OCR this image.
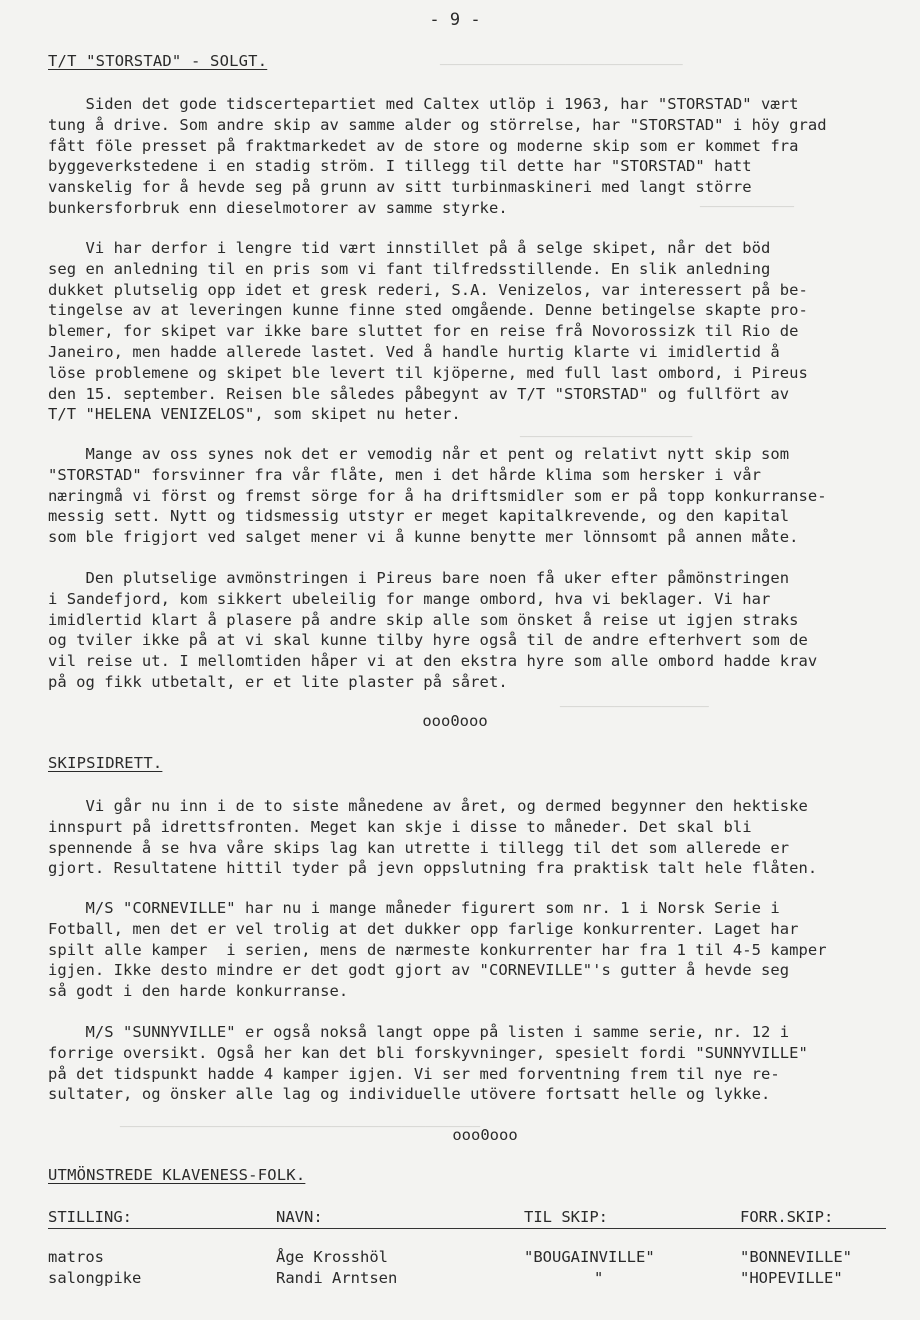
───────────────────────────────
────────────
──────────────────────
───────────────────
──────────────────────────────────────────────
- 9 -
T/T "STORSTAD" - SOLGT.
Siden det gode tidscertepartiet med Caltex utlöp i 1963, har "STORSTAD" vært
tung å drive. Som andre skip av samme alder og störrelse, har "STORSTAD" i höy grad
fått föle presset på fraktmarkedet av de store og moderne skip som er kommet fra
byggeverkstedene i en stadig ström. I tillegg til dette har "STORSTAD" hatt
vanskelig for å hevde seg på grunn av sitt turbinmaskineri med langt större
bunkersforbruk enn dieselmotorer av samme styrke.
Vi har derfor i lengre tid vært innstillet på å selge skipet, når det böd
seg en anledning til en pris som vi fant tilfredsstillende. En slik anledning
dukket plutselig opp idet et gresk rederi, S.A. Venizelos, var interessert på be-
tingelse av at leveringen kunne finne sted omgående. Denne betingelse skapte pro-
blemer, for skipet var ikke bare sluttet for en reise frå Novorossizk til Rio de
Janeiro, men hadde allerede lastet. Ved å handle hurtig klarte vi imidlertid å
löse problemene og skipet ble levert til kjöperne, med full last ombord, i Pireus
den 15. september. Reisen ble således påbegynt av T/T "STORSTAD" og fullfört av
T/T "HELENA VENIZELOS", som skipet nu heter.
Mange av oss synes nok det er vemodig når et pent og relativt nytt skip som
"STORSTAD" forsvinner fra vår flåte, men i det hårde klima som hersker i vår
næringmå vi först og fremst sörge for å ha driftsmidler som er på topp konkurranse-
messig sett. Nytt og tidsmessig utstyr er meget kapitalkrevende, og den kapital
som ble frigjort ved salget mener vi å kunne benytte mer lönnsomt på annen måte.
Den plutselige avmönstringen i Pireus bare noen få uker efter påmönstringen
i Sandefjord, kom sikkert ubeleilig for mange ombord, hva vi beklager. Vi har
imidlertid klart å plasere på andre skip alle som önsket å reise ut igjen straks
og tviler ikke på at vi skal kunne tilby hyre også til de andre efterhvert som de
vil reise ut. I mellomtiden håper vi at den ekstra hyre som alle ombord hadde krav
på og fikk utbetalt, er et lite plaster på såret.
ooo0ooo
SKIPSIDRETT.
Vi går nu inn i de to siste månedene av året, og dermed begynner den hektiske
innspurt på idrettsfronten. Meget kan skje i disse to måneder. Det skal bli
spennende å se hva våre skips lag kan utrette i tillegg til det som allerede er
gjort. Resultatene hittil tyder på jevn oppslutning fra praktisk talt hele flåten.
M/S "CORNEVILLE" har nu i mange måneder figurert som nr. 1 i Norsk Serie i
Fotball, men det er vel trolig at det dukker opp farlige konkurrenter. Laget har
spilt alle kamper  i serien, mens de nærmeste konkurrenter har fra 1 til 4-5 kamper
igjen. Ikke desto mindre er det godt gjort av "CORNEVILLE"'s gutter å hevde seg
så godt i den harde konkurranse.
M/S "SUNNYVILLE" er også nokså langt oppe på listen i samme serie, nr. 12 i
forrige oversikt. Også her kan det bli forskyvninger, spesielt fordi "SUNNYVILLE"
på det tidspunkt hadde 4 kamper igjen. Vi ser med forventning frem til nye re-
sultater, og önsker alle lag og individuelle utövere fortsatt helle og lykke.
ooo0ooo
UTMÖNSTREDE KLAVENESS-FOLK.
STILLING:	NAVN:	TIL SKIP:	FORR.SKIP:
matros	Åge Krosshöl	"BOUGAINVILLE"	"BONNEVILLE"
salongpike	Randi Arntsen	"	"HOPEVILLE"
